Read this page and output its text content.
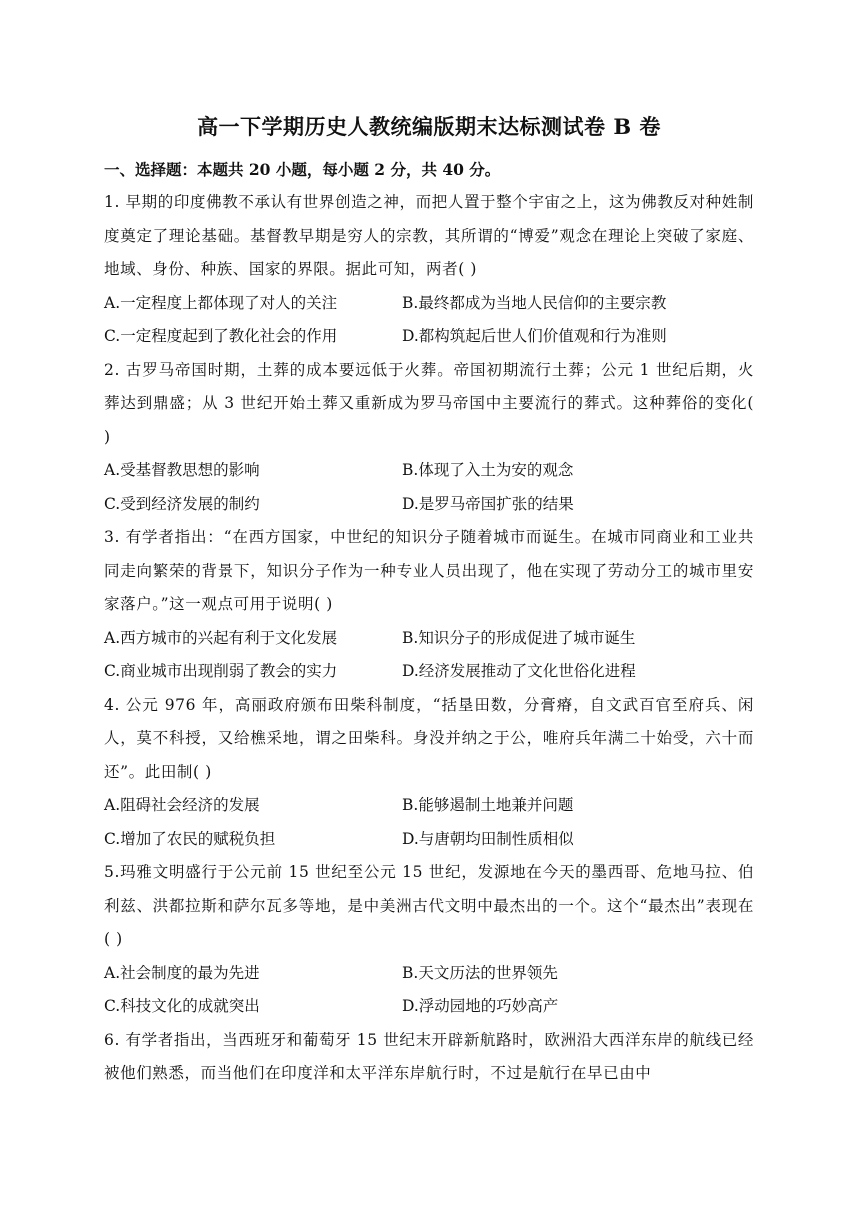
高一下学期历史人教统编版期末达标测试卷 B 卷

一、选择题：本题共 20 小题，每小题 2 分，共 40 分。

1. 早期的印度佛教不承认有世界创造之神，而把人置于整个宇宙之上，这为佛教反对种姓制度奠定了理论基础。基督教早期是穷人的宗教，其所谓的“博爱”观念在理论上突破了家庭、地域、身份、种族、国家的界限。据此可知，两者( )

A.一定程度上都体现了对人的关注	B.最终都成为当地人民信仰的主要宗教
C.一定程度起到了教化社会的作用	D.都构筑起后世人们价值观和行为准则

2. 古罗马帝国时期，土葬的成本要远低于火葬。帝国初期流行土葬；公元 1 世纪后期，火葬达到鼎盛；从 3 世纪开始土葬又重新成为罗马帝国中主要流行的葬式。这种葬俗的变化( )

A.受基督教思想的影响	B.体现了入土为安的观念
C.受到经济发展的制约	D.是罗马帝国扩张的结果

3. 有学者指出：“在西方国家，中世纪的知识分子随着城市而诞生。在城市同商业和工业共同走向繁荣的背景下，知识分子作为一种专业人员出现了，他在实现了劳动分工的城市里安家落户。”这一观点可用于说明( )

A.西方城市的兴起有利于文化发展	B.知识分子的形成促进了城市诞生
C.商业城市出现削弱了教会的实力	D.经济发展推动了文化世俗化进程

4. 公元 976 年，高丽政府颁布田柴科制度，“括垦田数，分膏瘠，自文武百官至府兵、闲人，莫不科授，又给樵采地，谓之田柴科。身没并纳之于公，唯府兵年满二十始受，六十而还”。此田制( )

A.阻碍社会经济的发展	B.能够遏制土地兼并问题
C.增加了农民的赋税负担	D.与唐朝均田制性质相似

5.玛雅文明盛行于公元前 15 世纪至公元 15 世纪，发源地在今天的墨西哥、危地马拉、伯利兹、洪都拉斯和萨尔瓦多等地，是中美洲古代文明中最杰出的一个。这个“最杰出”表现在( )

A.社会制度的最为先进	B.天文历法的世界领先
C.科技文化的成就突出	D.浮动园地的巧妙高产

6. 有学者指出，当西班牙和葡萄牙 15 世纪末开辟新航路时，欧洲沿大西洋东岸的航线已经被他们熟悉，而当他们在印度洋和太平洋东岸航行时，不过是航行在早已由中
